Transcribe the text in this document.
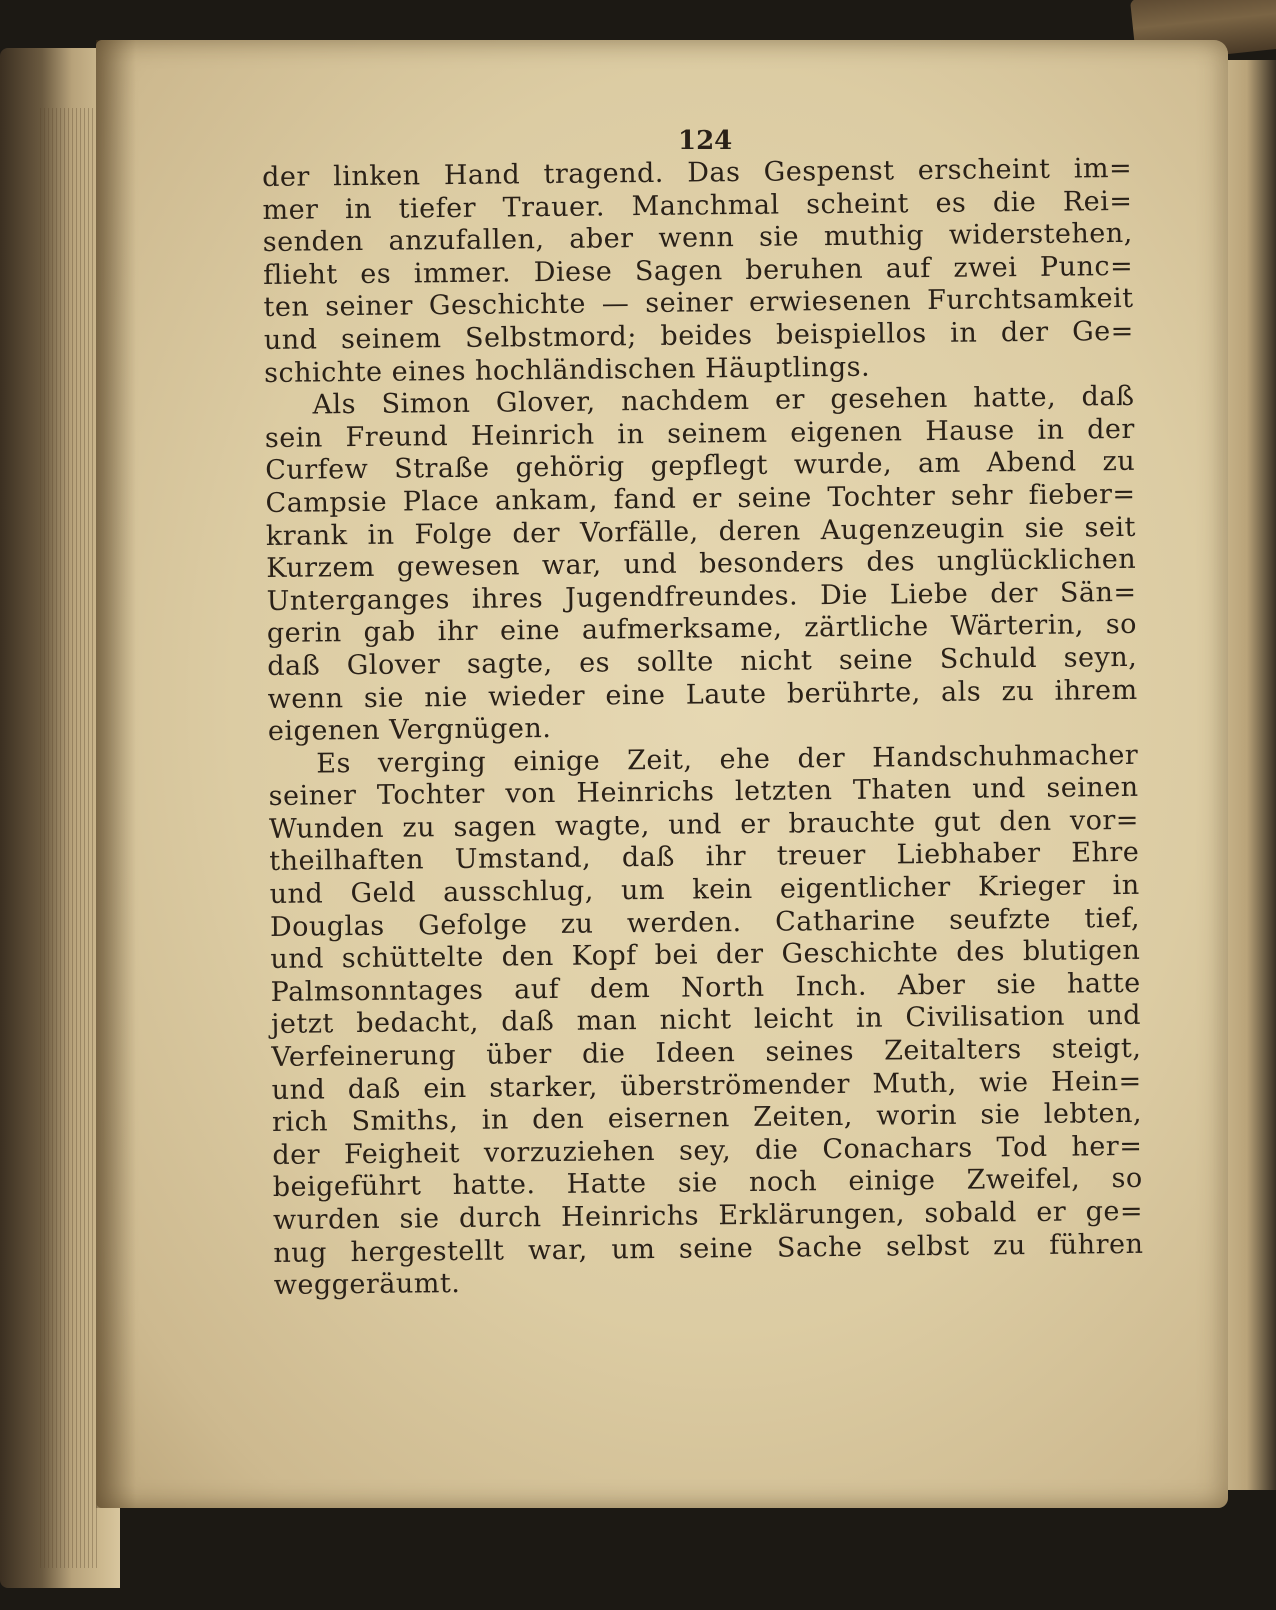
124
der linken Hand tragend. Das Gespenst erscheint im=
mer in tiefer Trauer. Manchmal scheint es die Rei=
senden anzufallen, aber wenn sie muthig widerstehen,
flieht es immer. Diese Sagen beruhen auf zwei Punc=
ten seiner Geschichte — seiner erwiesenen Furchtsamkeit
und seinem Selbstmord; beides beispiellos in der Ge=
schichte eines hochländischen Häuptlings.
Als Simon Glover, nachdem er gesehen hatte, daß
sein Freund Heinrich in seinem eigenen Hause in der
Curfew Straße gehörig gepflegt wurde, am Abend zu
Campsie Place ankam, fand er seine Tochter sehr fieber=
krank in Folge der Vorfälle, deren Augenzeugin sie seit
Kurzem gewesen war, und besonders des unglücklichen
Unterganges ihres Jugendfreundes. Die Liebe der Sän=
gerin gab ihr eine aufmerksame, zärtliche Wärterin, so
daß Glover sagte, es sollte nicht seine Schuld seyn,
wenn sie nie wieder eine Laute berührte, als zu ihrem
eigenen Vergnügen.
Es verging einige Zeit, ehe der Handschuhmacher
seiner Tochter von Heinrichs letzten Thaten und seinen
Wunden zu sagen wagte, und er brauchte gut den vor=
theilhaften Umstand, daß ihr treuer Liebhaber Ehre
und Geld ausschlug, um kein eigentlicher Krieger in
Douglas Gefolge zu werden. Catharine seufzte tief,
und schüttelte den Kopf bei der Geschichte des blutigen
Palmsonntages auf dem North Inch. Aber sie hatte
jetzt bedacht, daß man nicht leicht in Civilisation und
Verfeinerung über die Ideen seines Zeitalters steigt,
und daß ein starker, überströmender Muth, wie Hein=
rich Smiths, in den eisernen Zeiten, worin sie lebten,
der Feigheit vorzuziehen sey, die Conachars Tod her=
beigeführt hatte. Hatte sie noch einige Zweifel, so
wurden sie durch Heinrichs Erklärungen, sobald er ge=
nug hergestellt war, um seine Sache selbst zu führen
weggeräumt.
